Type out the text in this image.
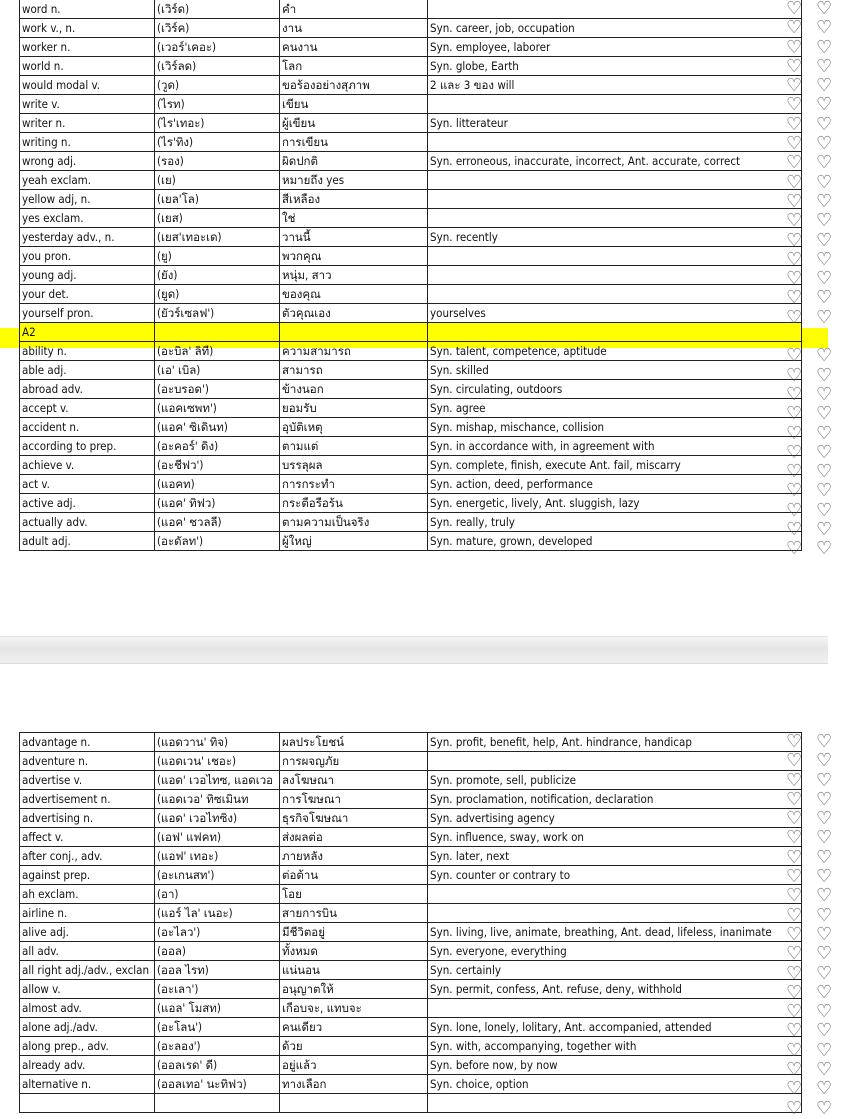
word n.	(เวิร์ด)	คำ	
work v., n.	(เวิร์ค)	งาน	Syn. career, job, occupation
worker n.	(เวอร์'เคอะ)	คนงาน	Syn. employee, laborer
world n.	(เวิร์ลด)	โลก	Syn. globe, Earth
would modal v.	(วูด)	ขอร้องอย่างสุภาพ	2 และ 3 ของ will
write v.	(ไรท)	เขียน	
writer n.	(ไร'เทอะ)	ผู้เขียน	Syn. litterateur
writing n.	(ไร'ทิง)	การเขียน	
wrong adj.	(รอง)	ผิดปกติ	Syn. erroneous, inaccurate, incorrect, Ant. accurate, correct
yeah exclam.	(เย)	หมายถึง yes	
yellow adj, n.	(เยล'โล)	สีเหลือง	
yes exclam.	(เยส)	ใช่	
yesterday adv., n.	(เยส'เทอะเด)	วานนี้	Syn. recently
you pron.	(ยู)	พวกคุณ	
young adj.	(ยัง)	หนุ่ม, สาว	
your det.	(ยูด)	ของคุณ	
yourself pron.	(ยัวร์เซลฟ')	ตัวคุณเอง	yourselves
A2			
ability n.	(อะบิล' ลิที)	ความสามารถ	Syn. talent, competence, aptitude
able adj.	(เอ' เบิล)	สามารถ	Syn. skilled
abroad adv.	(อะบรอด')	ข้างนอก	Syn. circulating, outdoors
accept v.	(แอคเซพท')	ยอมรับ	Syn. agree
accident n.	(แอค' ซิเดินท)	อุบัติเหตุ	Syn. mishap, mischance, collision
according to prep.	(อะคอร์' ดิง)	ตามแต่	Syn. in accordance with, in agreement with
achieve v.	(อะชีฟว')	บรรลุผล	Syn. complete, finish, execute Ant. fail, miscarry
act v.	(แอคท)	การกระทำ	Syn. action, deed, performance
active adj.	(แอค' ทิฟว)	กระตือรือร้น	Syn. energetic, lively, Ant. sluggish, lazy
actually adv.	(แอค' ชวลลี)	ตามความเป็นจริง	Syn. really, truly
adult adj.	(อะดัลท')	ผู้ใหญ่	Syn. mature, grown, developed
♡ ♡
♡ ♡
♡ ♡
♡ ♡
♡ ♡
♡ ♡
♡ ♡
♡ ♡
♡ ♡
♡ ♡
♡ ♡
♡ ♡
♡ ♡
♡ ♡
♡ ♡
♡ ♡
♡ ♡
♡ ♡
♡ ♡
♡ ♡
♡ ♡
♡ ♡
♡ ♡
♡ ♡
♡ ♡
♡ ♡
♡ ♡
♡ ♡
advantage n.	(แอดวาน' ทิจ)	ผลประโยชน์	Syn. profit, benefit, help, Ant. hindrance, handicap
adventure n.	(แอดเวน' เชอะ)	การผจญภัย	
advertise v.	(แอด' เวอไทซ, แอดเวอ	ลงโฆษณา	Syn. promote, sell, publicize
advertisement n.	(แอดเวอ' ทิซเมินท	การโฆษณา	Syn. proclamation, notification, declaration
advertising n.	(แอด' เวอไทซิง)	ธุรกิจโฆษณา	Syn. advertising agency
affect v.	(เอฟ' แฟคท)	ส่งผลต่อ	Syn. influence, sway, work on
after conj., adv.	(แอฟ' เทอะ)	ภายหลัง	Syn. later, next
against prep.	(อะเกนสท')	ต่อต้าน	Syn. counter or contrary to
ah exclam.	(อา)	โอย	
airline n.	(แอร์ ไล' เนอะ)	สายการบิน	
alive adj.	(อะไลว')	มีชีวิตอยู่	Syn. living, live, animate, breathing, Ant. dead, lifeless, inanimate
all adv.	(ออล)	ทั้งหมด	Syn. everyone, everything
all right adj./adv., exclan	(ออล ไรท)	แน่นอน	Syn. certainly
allow v.	(อะเลา')	อนุญาตให้	Syn. permit, confess, Ant. refuse, deny, withhold
almost adv.	(แอล' โมสท)	เกือบจะ, แทบจะ	
alone adj./adv.	(อะโลน')	คนเดียว	Syn. lone, lonely, lolitary, Ant. accompanied, attended
along prep., adv.	(อะลอง')	ด้วย	Syn. with, accompanying, together with
already adv.	(ออลเรด' ดี)	อยู่แล้ว	Syn. before now, by now
alternative n.	(ออลเทอ' นะทิฟว)	ทางเลือก	Syn. choice, option

♡ ♡
♡ ♡
♡ ♡
♡ ♡
♡ ♡
♡ ♡
♡ ♡
♡ ♡
♡ ♡
♡ ♡
♡ ♡
♡ ♡
♡ ♡
♡ ♡
♡ ♡
♡ ♡
♡ ♡
♡ ♡
♡ ♡
♡ ♡
